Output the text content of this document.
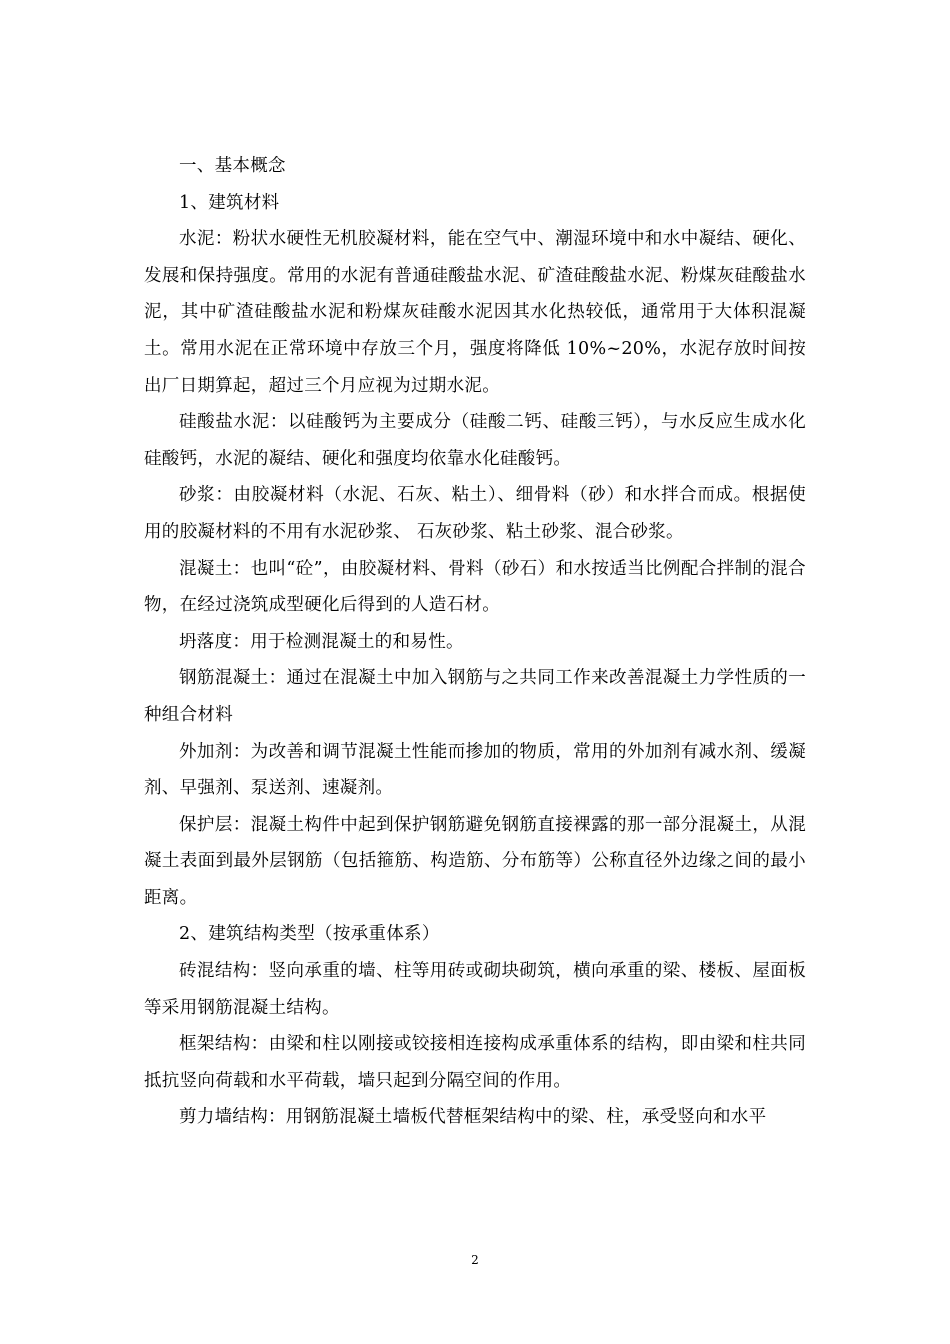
一、基本概念

1、建筑材料

水泥：粉状水硬性无机胶凝材料，能在空气中、潮湿环境中和水中凝结、硬化、发展和保持强度。常用的水泥有普通硅酸盐水泥、矿渣硅酸盐水泥、粉煤灰硅酸盐水泥，其中矿渣硅酸盐水泥和粉煤灰硅酸水泥因其水化热较低，通常用于大体积混凝土。常用水泥在正常环境中存放三个月，强度将降低 10%~20%，水泥存放时间按出厂日期算起，超过三个月应视为过期水泥。

硅酸盐水泥：以硅酸钙为主要成分（硅酸二钙、硅酸三钙），与水反应生成水化硅酸钙，水泥的凝结、硬化和强度均依靠水化硅酸钙。

砂浆：由胶凝材料（水泥、石灰、粘土）、细骨料（砂）和水拌合而成。根据使用的胶凝材料的不用有水泥砂浆、 石灰砂浆、粘土砂浆、混合砂浆。

混凝土：也叫“砼”，由胶凝材料、骨料（砂石）和水按适当比例配合拌制的混合物，在经过浇筑成型硬化后得到的人造石材。

坍落度：用于检测混凝土的和易性。

钢筋混凝土：通过在混凝土中加入钢筋与之共同工作来改善混凝土力学性质的一种组合材料

外加剂：为改善和调节混凝土性能而掺加的物质，常用的外加剂有减水剂、缓凝剂、早强剂、泵送剂、速凝剂。

保护层：混凝土构件中起到保护钢筋避免钢筋直接裸露的那一部分混凝土，从混凝土表面到最外层钢筋（包括箍筋、构造筋、分布筋等）公称直径外边缘之间的最小距离。

2、建筑结构类型（按承重体系）

砖混结构：竖向承重的墙、柱等用砖或砌块砌筑，横向承重的梁、楼板、屋面板等采用钢筋混凝土结构。

框架结构：由梁和柱以刚接或铰接相连接构成承重体系的结构，即由梁和柱共同抵抗竖向荷载和水平荷载，墙只起到分隔空间的作用。

剪力墙结构：用钢筋混凝土墙板代替框架结构中的梁、柱，承受竖向和水平

2
